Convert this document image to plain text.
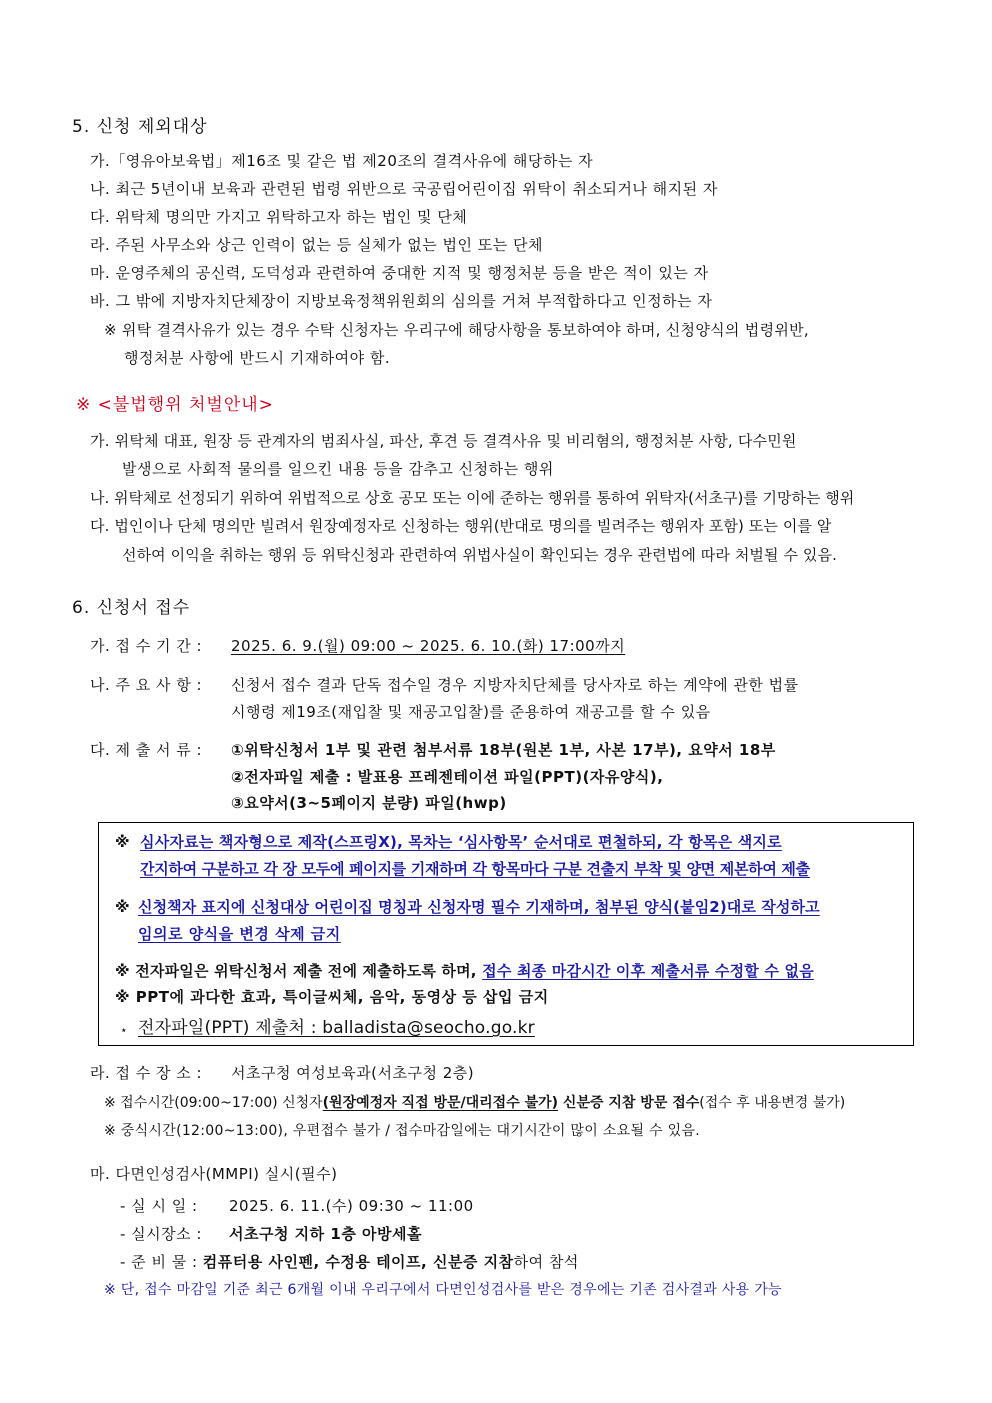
5. 신청 제외대상
가.「영유아보육법」제16조 및 같은 법 제20조의 결격사유에 해당하는 자
나. 최근 5년이내 보육과 관련된 법령 위반으로 국공립어린이집 위탁이 취소되거나 해지된 자
다. 위탁체 명의만 가지고 위탁하고자 하는 법인 및 단체
라. 주된 사무소와 상근 인력이 없는 등 실체가 없는 법인 또는 단체
마. 운영주체의 공신력, 도덕성과 관련하여 중대한 지적 및 행정처분 등을 받은 적이 있는 자
바. 그 밖에 지방자치단체장이 지방보육정책위원회의 심의를 거쳐 부적합하다고 인정하는 자
※ 위탁 결격사유가 있는 경우 수탁 신청자는 우리구에 해당사항을 통보하여야 하며, 신청양식의 법령위반,
행정처분 사항에 반드시 기재하여야 함.
※ <불법행위 처벌안내>
가. 위탁체 대표, 원장 등 관계자의 범죄사실, 파산, 후견 등 결격사유 및 비리혐의, 행정처분 사항, 다수민원
발생으로 사회적 물의를 일으킨 내용 등을 감추고 신청하는 행위
나. 위탁체로 선정되기 위하여 위법적으로 상호 공모 또는 이에 준하는 행위를 통하여 위탁자(서초구)를 기망하는 행위
다. 법인이나 단체 명의만 빌려서 원장예정자로 신청하는 행위(반대로 명의를 빌려주는 행위자 포함) 또는 이를 알
선하여 이익을 취하는 행위 등 위탁신청과 관련하여 위법사실이 확인되는 경우 관련법에 따라 처벌될 수 있음.
6. 신청서 접수
가. 접 수 기 간 : 2025. 6. 9.(월) 09:00 ~ 2025. 6. 10.(화) 17:00까지
나. 주 요 사 항 : 신청서 접수 결과 단독 접수일 경우 지방자치단체를 당사자로 하는 계약에 관한 법률
시행령 제19조(재입찰 및 재공고입찰)를 준용하여 재공고를 할 수 있음
다. 제 출 서 류 : ①위탁신청서 1부 및 관련 첨부서류 18부(원본 1부, 사본 17부), 요약서 18부
②전자파일 제출 : 발표용 프레젠테이션 파일(PPT)(자유양식),
③요약서(3~5페이지 분량) 파일(hwp)
※ 심사자료는 책자형으로 제작(스프링X), 목차는 ‘심사항목’ 순서대로 편철하되, 각 항목은 색지로
간지하여 구분하고 각 장 모두에 페이지를 기재하며 각 항목마다 구분 견출지 부착 및 양면 제본하여 제출
※ 신청책자 표지에 신청대상 어린이집 명칭과 신청자명 필수 기재하며, 첨부된 양식(붙임2)대로 작성하고
임의로 양식을 변경 삭제 금지
※ 전자파일은 위탁신청서 제출 전에 제출하도록 하며, 접수 최종 마감시간 이후 제출서류 수정할 수 없음
※ PPT에 과다한 효과, 특이글씨체, 음악, 동영상 등 삽입 금지
⋆ 전자파일(PPT) 제출처 : balladista@seocho.go.kr
라. 접 수 장 소 : 서초구청 여성보육과(서초구청 2층)
※ 접수시간(09:00~17:00) 신청자(원장예정자 직접 방문/대리접수 불가) 신분증 지참 방문 접수(접수 후 내용변경 불가)
※ 중식시간(12:00~13:00), 우편접수 불가 / 접수마감일에는 대기시간이 많이 소요될 수 있음.
마. 다면인성검사(MMPI) 실시(필수)
- 실 시 일 : 2025. 6. 11.(수) 09:30 ~ 11:00
- 실시장소 : 서초구청 지하 1층 아방세홀
- 준 비 물 : 컴퓨터용 사인펜, 수정용 테이프, 신분증 지참하여 참석
※ 단, 접수 마감일 기준 최근 6개월 이내 우리구에서 다면인성검사를 받은 경우에는 기존 검사결과 사용 가능
